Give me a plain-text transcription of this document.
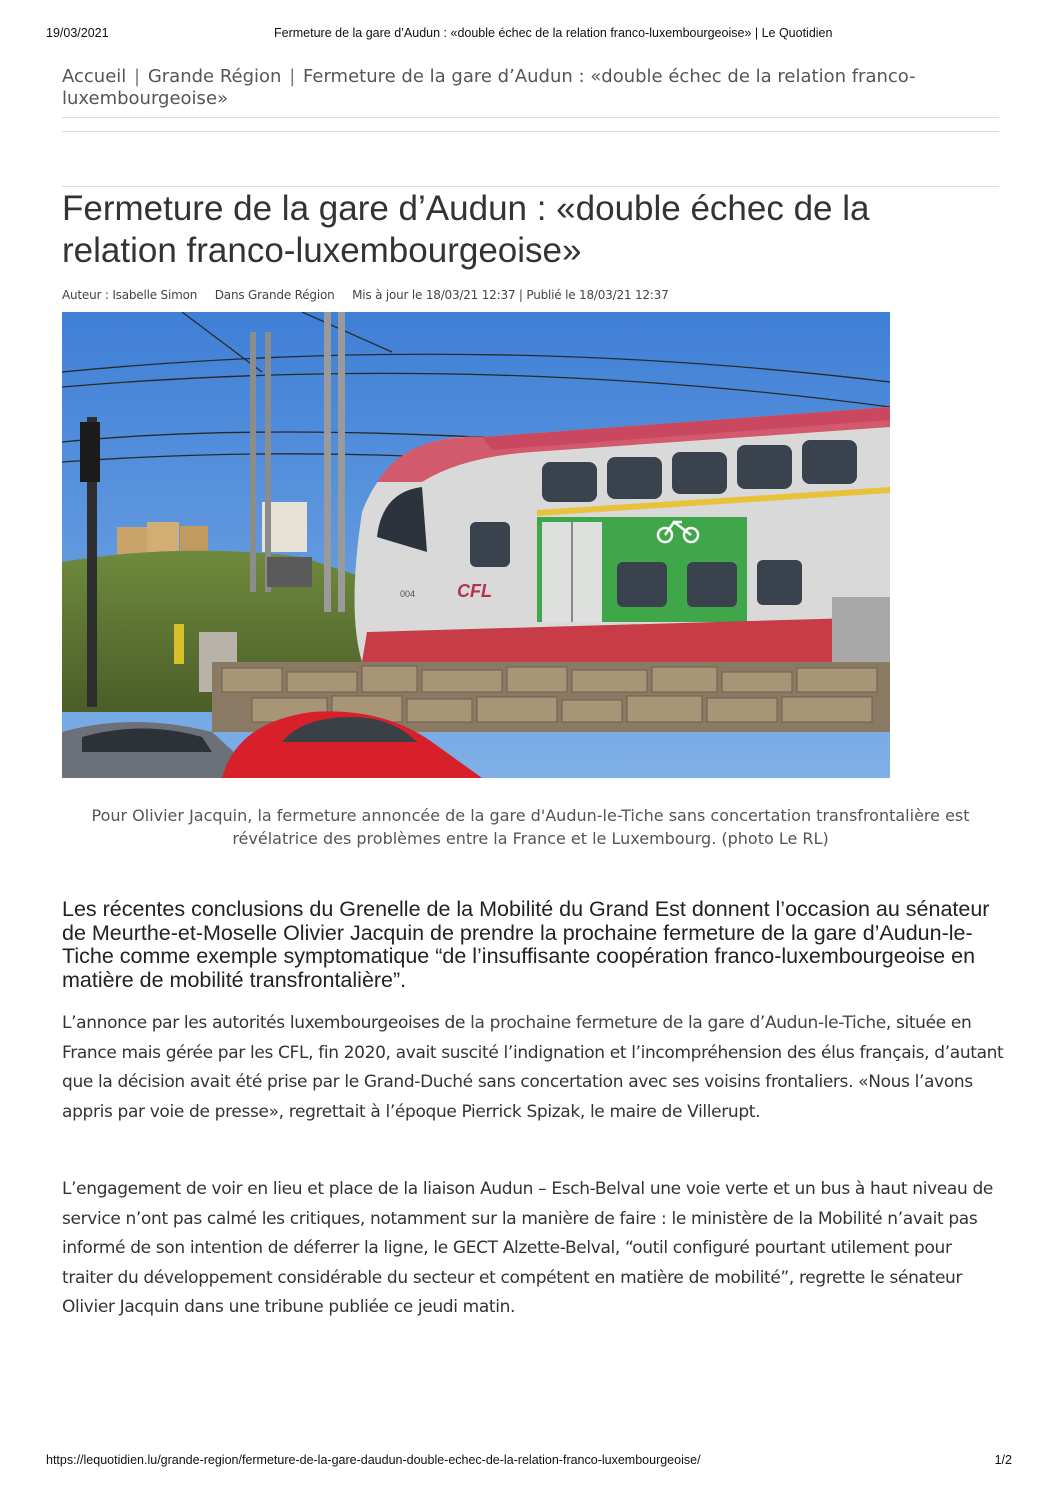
19/03/2021	Fermeture de la gare d’Audun : «double échec de la relation franco-luxembourgeoise» | Le Quotidien
Accueil | Grande Région | Fermeture de la gare d’Audun : «double échec de la relation franco-luxembourgeoise»
Fermeture de la gare d’Audun : «double échec de la relation franco-luxembourgeoise»
Auteur : Isabelle Simon Dans Grande Région Mis à jour le 18/03/21 12:37 | Publié le 18/03/21 12:37
CFL
004

Pour Olivier Jacquin, la fermeture annoncée de la gare d'Audun-le-Tiche sans concertation transfrontalière est révélatrice des problèmes entre la France et le Luxembourg. (photo Le RL)

Les récentes conclusions du Grenelle de la Mobilité du Grand Est donnent l’occasion au sénateur de Meurthe-et-Moselle Olivier Jacquin de prendre la prochaine fermeture de la gare d’Audun-le-Tiche comme exemple symptomatique “de l’insuffisante coopération franco-luxembourgeoise en matière de mobilité transfrontalière”.

L’annonce par les autorités luxembourgeoises de la prochaine fermeture de la gare d’Audun-le-Tiche, située en France mais gérée par les CFL, fin 2020, avait suscité l’indignation et l’incompréhension des élus français, d’autant que la décision avait été prise par le Grand-Duché sans concertation avec ses voisins frontaliers. «Nous l’avons appris par voie de presse», regrettait à l’époque Pierrick Spizak, le maire de Villerupt.

L’engagement de voir en lieu et place de la liaison Audun – Esch-Belval une voie verte et un bus à haut niveau de service n’ont pas calmé les critiques, notamment sur la manière de faire : le ministère de la Mobilité n’avait pas informé de son intention de déferrer la ligne, le GECT Alzette-Belval, “outil configuré pourtant utilement pour traiter du développement considérable du secteur et compétent en matière de mobilité”, regrette le sénateur Olivier Jacquin dans une tribune publiée ce jeudi matin.

https://lequotidien.lu/grande-region/fermeture-de-la-gare-daudun-double-echec-de-la-relation-franco-luxembourgeoise/	1/2
